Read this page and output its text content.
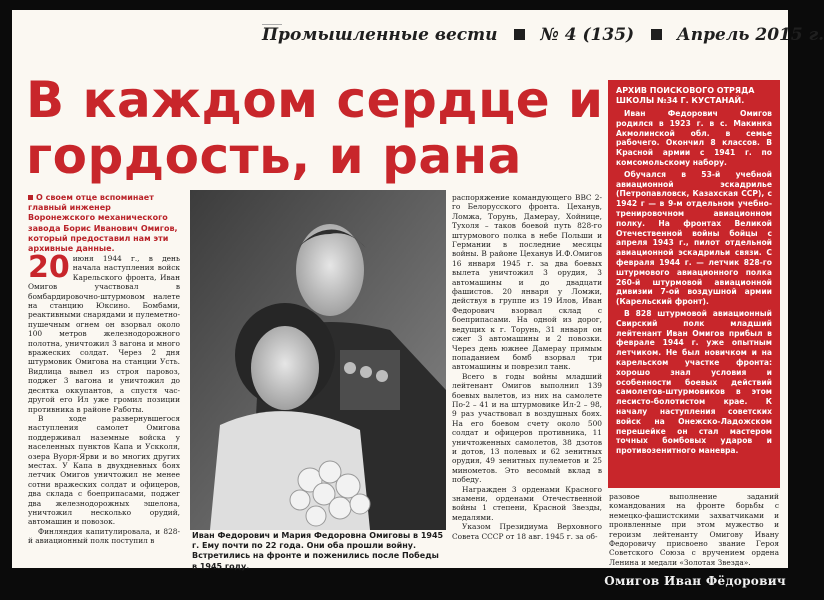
Промышленные вести	№ 4 (135)	Апрель 2015 г.
В каждом сердце и
гордость, и рана
О своем отце вспоминает главный инженер Воронежского механического завода Борис Иванович Омигов, который предоставил нам эти архивные данные.

20 июня 1944 г., в день начала наступления войск Карельского фронта, Иван Омигов участвовал в бомбардировочно-штурмовом налете на станцию Юксино. Бомбами, реактивными снарядами и пулеметно-пушечным огнем он взорвал около 100 метров железнодорожного полотна, уничтожил 3 вагона и много вражеских солдат. Через 2 дня штурмовик Омигова на станции Усть. Видлица вывел из строя паровоз, поджег 3 вагона и уничтожил до десятка оккупантов, а спустя час-другой его Ил уже громил позиции противника в районе Работы.

В ходе развернувшегося наступления самолет Омигова поддерживал наземные войска у населенных пунктов Капа и Ускколя, озера Вуоря-Ярви и во многих других местах. У Капа в двухдневных боях летчик Омигов уничтожил не менее сотни вражеских солдат и офицеров, два склада с боеприпасами, поджег два железнодорожных эшелона, уничтожил несколько орудий, автомашин и повозок.

Финляндия капитулировала, и 828-й авиационный полк поступил в

Иван Федорович и Мария Федоровна Омиговы в 1945 г. Ему почти по 22 года. Они оба прошли войну. Встретились на фронте и поженились после Победы в 1945 году.

распоряжение командующего ВВС 2-го Белорусского фронта. Цеханув, Ломжа, Торунь, Дамерау, Хойнице, Тухоля – таков боевой путь 828-го штурмового полка в небе Польши и Германии в последние месяцы войны. В районе Цеханув И.Ф.Омигов 16 января 1945 г. за два боевых вылета уничтожил 3 орудия, 3 автомашины и до двадцати фашистов. 20 января у Ломжи, действуя в группе из 19 Илов, Иван Федорович взорвал склад с боеприпасами. На одной из дорог, ведущих к г. Торунь, 31 января он сжег 3 автомашины и 2 повозки. Через день южнее Дамерау прямым попаданием бомб взорвал три автомашины и поврезил танк.

Всего в годы войны младший лейтенант Омигов выполнил 139 боевых вылетов, из них на самолете По-2 – 41 и на штурмовике Ил-2 – 98, 9 раз участвовал в воздушных боях. На его боевом счету около 500 солдат и офицеров противника, 11 уничтоженных самолетов, 38 дзотов и дотов, 13 полевых и 62 зенитных орудия, 49 зенитных пулеметов и 25 минометов. Это весомый вклад в победу.

Награжден 3 орденами Красного знамени, орденами Отечественной войны 1 степени, Красной Звезды, медалями.

Указом Президиума Верховного Совета СССР от 18 авг. 1945 г. за об-

АРХИВ ПОИСКОВОГО ОТРЯДА ШКОЛЫ №34 Г. КУСТАНАЙ.

Иван Федорович Омигов родился в 1923 г. в с. Макинка Акмолинской обл. в семье рабочего. Окончил 8 классов. В Красной армии с 1941 г. по комсомольскому набору.

Обучался в 53-й учебной авиационной эскадрилье (Петропавловск, Казахская ССР), с 1942 г — в 9-м отдельном учебно-тренировочном авиационном полку. На фронтах Великой Отечественной войны бойцы с апреля 1943 г., пилот отдельной авиационной эскадрильи связи. С февраля 1944 г. — летчик 828-го штурмового авиационного полка 260-й штурмовой авиационной дивизии 7-ой воздушной армии (Карельский фронт).

В 828 штурмовой авиационный Свирский полк младший лейтенант Иван Омигов прибыл в феврале 1944 г. уже опытным летчиком. Не был новичком и на карельском участке фронта: хорошо знал условия и особенности боевых действий самолетов-штурмовиков в этом лесисто-болотистом крае. К началу наступления советских войск на Онежско-Ладожском перешейке он стал мастером точных бомбовых ударов и противозенитного маневра.

разовое выполнение заданий командования на фронте борьбы с немецко-фашистскими захватчиками и проявленные при этом мужество и героизм лейтенанту Омигову Ивану Федоровичу присвоено звание Героя Советского Союза с вручением ордена Ленина и медали «Золотая Звезда».

Омигов Иван Фёдорович
